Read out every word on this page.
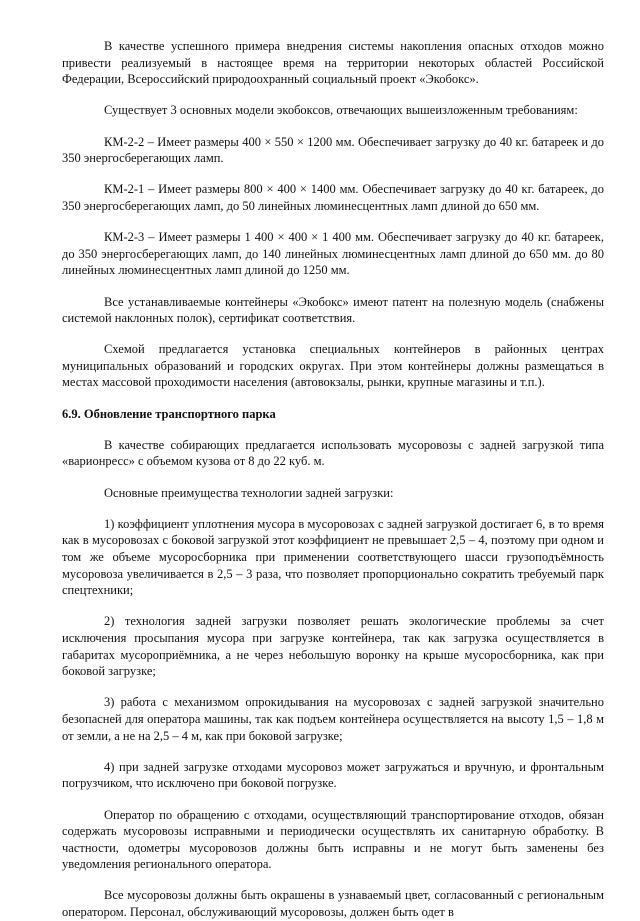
В качестве успешного примера внедрения системы накопления опасных отходов можно привести реализуемый в настоящее время на территории некоторых областей Российской Федерации, Всероссийский природоохранный социальный проект «Экобокс».

Существует 3 основных модели экобоксов, отвечающих вышеизложенным требованиям:

КМ-2-2 – Имеет размеры 400 × 550 × 1200 мм. Обеспечивает загрузку до 40 кг. батареек и до 350 энергосберегающих ламп.

КМ-2-1 – Имеет размеры 800 × 400 × 1400 мм. Обеспечивает загрузку до 40 кг. батареек, до 350 энергосберегающих ламп, до 50 линейных люминесцентных ламп длиной до 650 мм.

КМ-2-3 – Имеет размеры 1 400 × 400 × 1 400 мм. Обеспечивает загрузку до 40 кг. батареек, до 350 энергосберегающих ламп, до 140 линейных люминесцентных ламп длиной до 650 мм. до 80 линейных люминесцентных ламп длиной до 1250 мм.

Все устанавливаемые контейнеры «Экобокс» имеют патент на полезную модель (снабжены системой наклонных полок), сертификат соответствия.

Схемой предлагается установка специальных контейнеров в районных центрах муниципальных образований и городских округах. При этом контейнеры должны размещаться в местах массовой проходимости населения (автовокзалы, рынки, крупные магазины и т.п.).

6.9. Обновление транспортного парка

В качестве собирающих предлагается использовать мусоровозы с задней загрузкой типа «варионресс» с объемом кузова от 8 до 22 куб. м.

Основные преимущества технологии задней загрузки:

1) коэффициент уплотнения мусора в мусоровозах с задней загрузкой достигает 6, в то время как в мусоровозах с боковой загрузкой этот коэффициент не превышает 2,5 – 4, поэтому при одном и том же объеме мусоросборника при применении соответствующего шасси грузоподъёмность мусоровоза увеличивается в 2,5 – 3 раза, что позволяет пропорционально сократить требуемый парк спецтехники;

2) технология задней загрузки позволяет решать экологические проблемы за счет исключения просыпания мусора при загрузке контейнера, так как загрузка осуществляется в габаритах мусороприёмника, а не через небольшую воронку на крыше мусоросборника, как при боковой загрузке;

3) работа с механизмом опрокидывания на мусоровозах с задней загрузкой значительно безопасней для оператора машины, так как подъем контейнера осуществляется на высоту 1,5 – 1,8 м от земли, а не на 2,5 – 4 м, как при боковой загрузке;

4) при задней загрузке отходами мусоровоз может загружаться и вручную, и фронтальным погрузчиком, что исключено при боковой погрузке.

Оператор по обращению с отходами, осуществляющий транспортирование отходов, обязан содержать мусоровозы исправными и периодически осуществлять их санитарную обработку. В частности, одометры мусоровозов должны быть исправны и не могут быть заменены без уведомления регионального оператора.

Все мусоровозы должны быть окрашены в узнаваемый цвет, согласованный с региональным оператором. Персонал, обслуживающий мусоровозы, должен быть одет в
